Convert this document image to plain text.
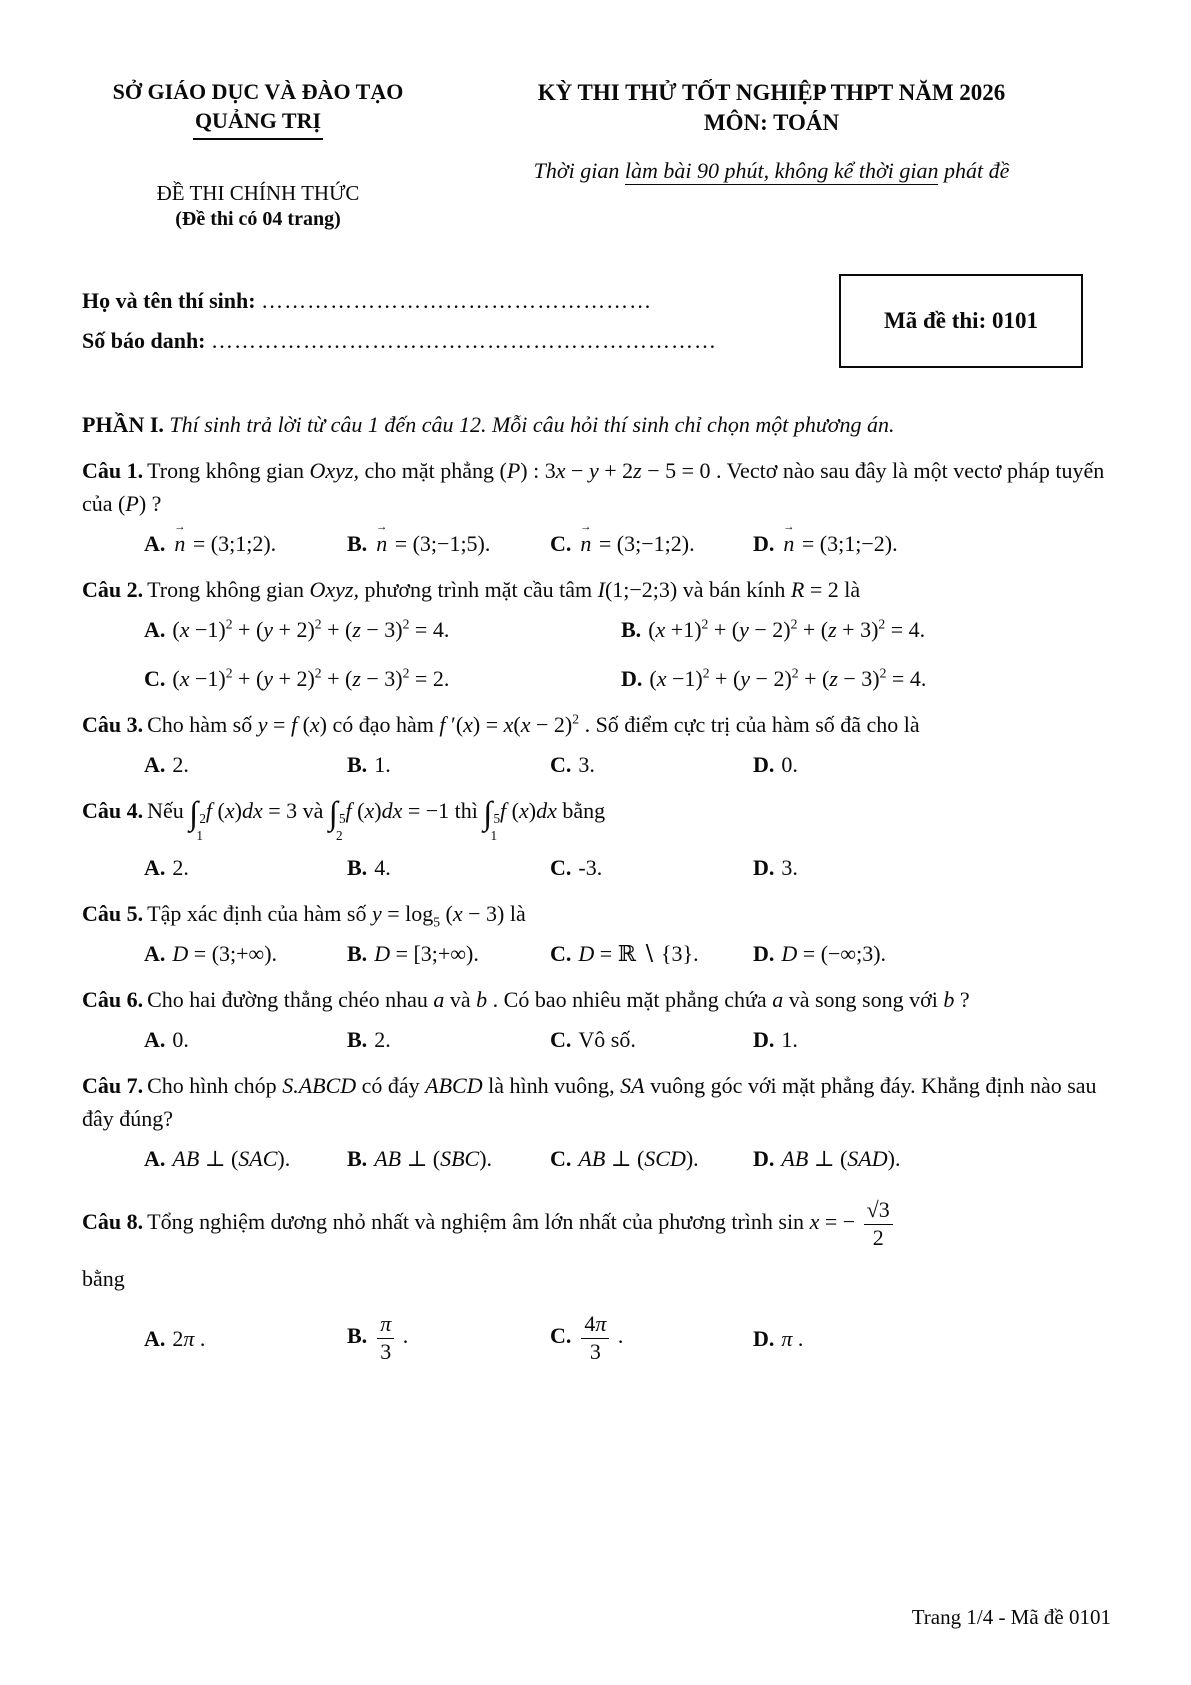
SỞ GIÁO DỤC VÀ ĐÀO TẠO
QUẢNG TRỊ
ĐỀ THI CHÍNH THỨC
(Đề thi có 04 trang)
KỲ THI THỬ TỐT NGHIỆP THPT NĂM 2026
MÔN: TOÁN
Thời gian làm bài 90 phút, không kể thời gian phát đề
Họ và tên thí sinh: ……………………………………………
Số báo danh: …………………………………………………………
Mã đề thi: 0101
PHẦN I. Thí sinh trả lời từ câu 1 đến câu 12. Mỗi câu hỏi thí sinh chỉ chọn một phương án.

Câu 1. Trong không gian Oxyz, cho mặt phẳng (P) : 3x − y + 2z − 5 = 0 . Vectơ nào sau đây là một vectơ pháp tuyến của (P) ?

A. → n = (3;1;2).	B. → n = (3;−1;5).	C. → n = (3;−1;2).	D. → n = (3;1;−2).

Câu 2. Trong không gian Oxyz, phương trình mặt cầu tâm I(1;−2;3) và bán kính R = 2 là

A. $(x -1)^2 + (y + 2)^2 + (z - 3)^2 = 4$.	B. $(x +1)^2 + (y - 2)^2 + (z + 3)^2 = 4$.
C. $(x -1)^2 + (y + 2)^2 + (z - 3)^2 = 2$.	D. $(x -1)^2 + (y - 2)^2 + (z - 3)^2 = 4$.

Câu 3. Cho hàm số y = f (x) có đạo hàm f $'(x) = x(x - 2)^2$ . Số điểm cực trị của hàm số đã cho là

A. 2.	B. 1.	C. 3.	D. 0.

Câu 4. Nếu ∫ 2
1
f (x)dx = 3 và ∫ 5
2
f (x)dx = −1 thì ∫ 5
1
f (x)dx bằng

A. 2.	B. 4.	C. -3.	D. 3.

Câu 5. Tập xác định của hàm số $y = \log_5 (x - 3)$ là

A. D = (3;+∞).	B. D = [3;+∞).	C. D = ℝ ∖ {3}.	D. D = (−∞;3).

Câu 6. Cho hai đường thẳng chéo nhau a và b . Có bao nhiêu mặt phẳng chứa a và song song với b ?

A. 0.	B. 2.	C. Vô số.	D. 1.

Câu 7. Cho hình chóp S.ABCD có đáy ABCD là hình vuông, SA vuông góc với mặt phẳng đáy. Khẳng định nào sau đây đúng?

A. AB ⊥ (SAC).	B. AB ⊥ (SBC).	C. AB ⊥ (SCD).	D. AB ⊥ (SAD).

Câu 8. Tổng nghiệm dương nhỏ nhất và nghiệm âm lớn nhất của phương trình sin x = − $\frac{√3}{2}$

bằng

A. 2π .	B. $\frac{\pi}{3}$ .	C. $\frac{4\pi}{3}$ .	D. π .
Trang 1/4 - Mã đề 0101
